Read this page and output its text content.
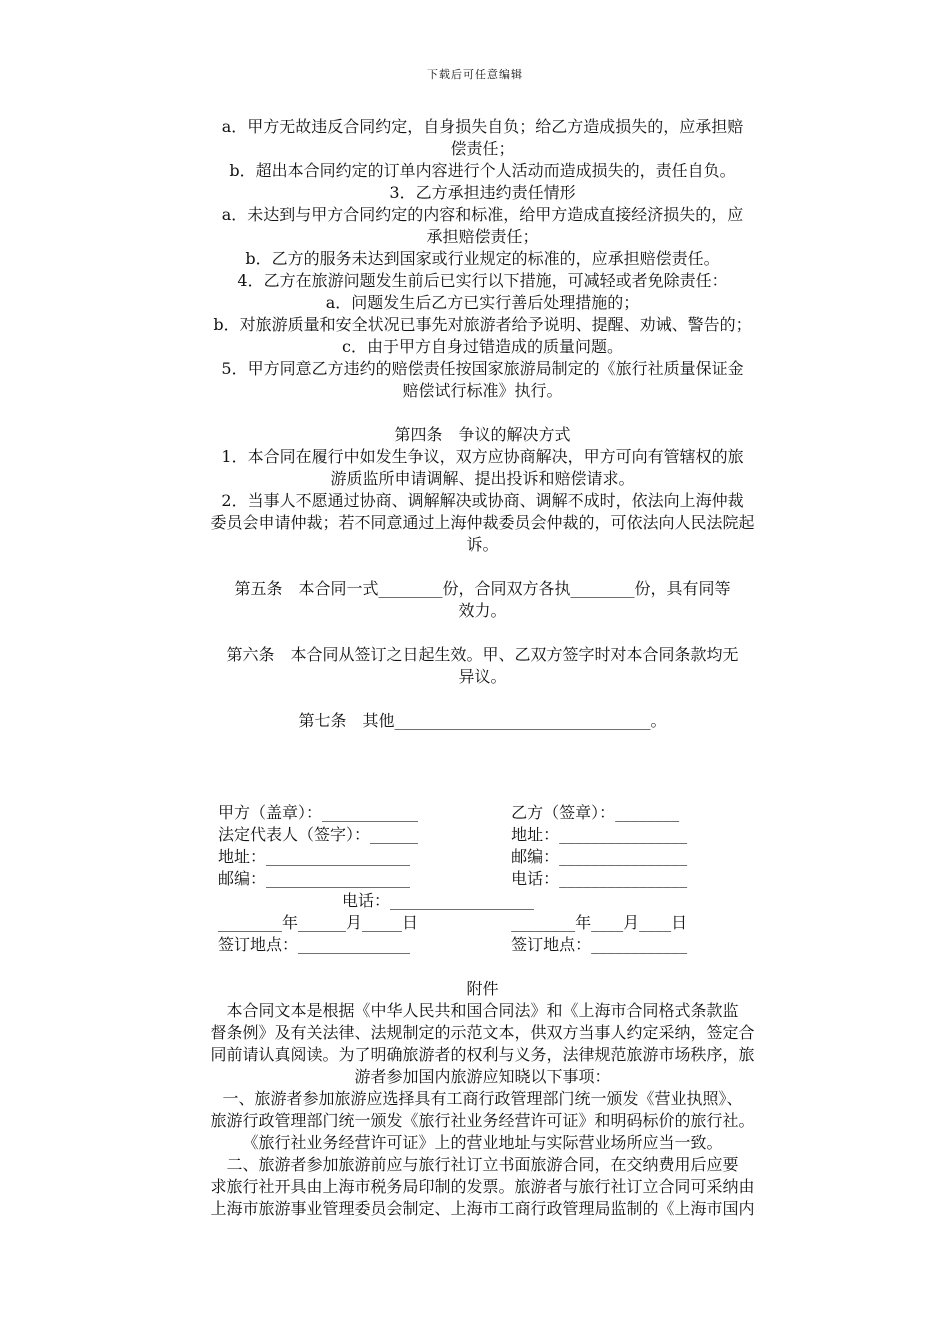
下载后可任意编辑
a．甲方无故违反合同约定，自身损失自负；给乙方造成损失的，应承担赔
偿责任；
b．超出本合同约定的订单内容进行个人活动而造成损失的，责任自负。
3．乙方承担违约责任情形
a．未达到与甲方合同约定的内容和标准，给甲方造成直接经济损失的，应
承担赔偿责任；
b．乙方的服务未达到国家或行业规定的标准的，应承担赔偿责任。
4．乙方在旅游问题发生前后已实行以下措施，可减轻或者免除责任：
a．问题发生后乙方已实行善后处理措施的；
b．对旅游质量和安全状况已事先对旅游者给予说明、提醒、劝诫、警告的；
c．由于甲方自身过错造成的质量问题。
5．甲方同意乙方违约的赔偿责任按国家旅游局制定的《旅行社质量保证金
赔偿试行标准》执行。
第四条　争议的解决方式
1．本合同在履行中如发生争议，双方应协商解决，甲方可向有管辖权的旅
游质监所申请调解、提出投诉和赔偿请求。
2．当事人不愿通过协商、调解解决或协商、调解不成时，依法向上海仲裁
委员会申请仲裁；若不同意通过上海仲裁委员会仲裁的，可依法向人民法院起
诉。
第五条　本合同一式________份，合同双方各执________份，具有同等
效力。
第六条　本合同从签订之日起生效。甲、乙双方签字时对本合同条款均无
异议。
第七条　其他________________________________。
甲方（盖章）：____________	乙方（签章）：________
法定代表人（签字）：______	地址：________________
地址：__________________	邮编：________________
邮编：__________________	电话：________________
电话：__________________
________年______月_____日	________年____月____日
签订地点：______________	签订地点：____________
附件
本合同文本是根据《中华人民共和国合同法》和《上海市合同格式条款监
督条例》及有关法律、法规制定的示范文本，供双方当事人约定采纳，签定合
同前请认真阅读。为了明确旅游者的权利与义务，法律规范旅游市场秩序，旅
游者参加国内旅游应知晓以下事项：
一、旅游者参加旅游应选择具有工商行政管理部门统一颁发《营业执照》、
旅游行政管理部门统一颁发《旅行社业务经营许可证》和明码标价的旅行社。
《旅行社业务经营许可证》上的营业地址与实际营业场所应当一致。
二、旅游者参加旅游前应与旅行社订立书面旅游合同，在交纳费用后应要
求旅行社开具由上海市税务局印制的发票。旅游者与旅行社订立合同可采纳由
上海市旅游事业管理委员会制定、上海市工商行政管理局监制的《上海市国内
